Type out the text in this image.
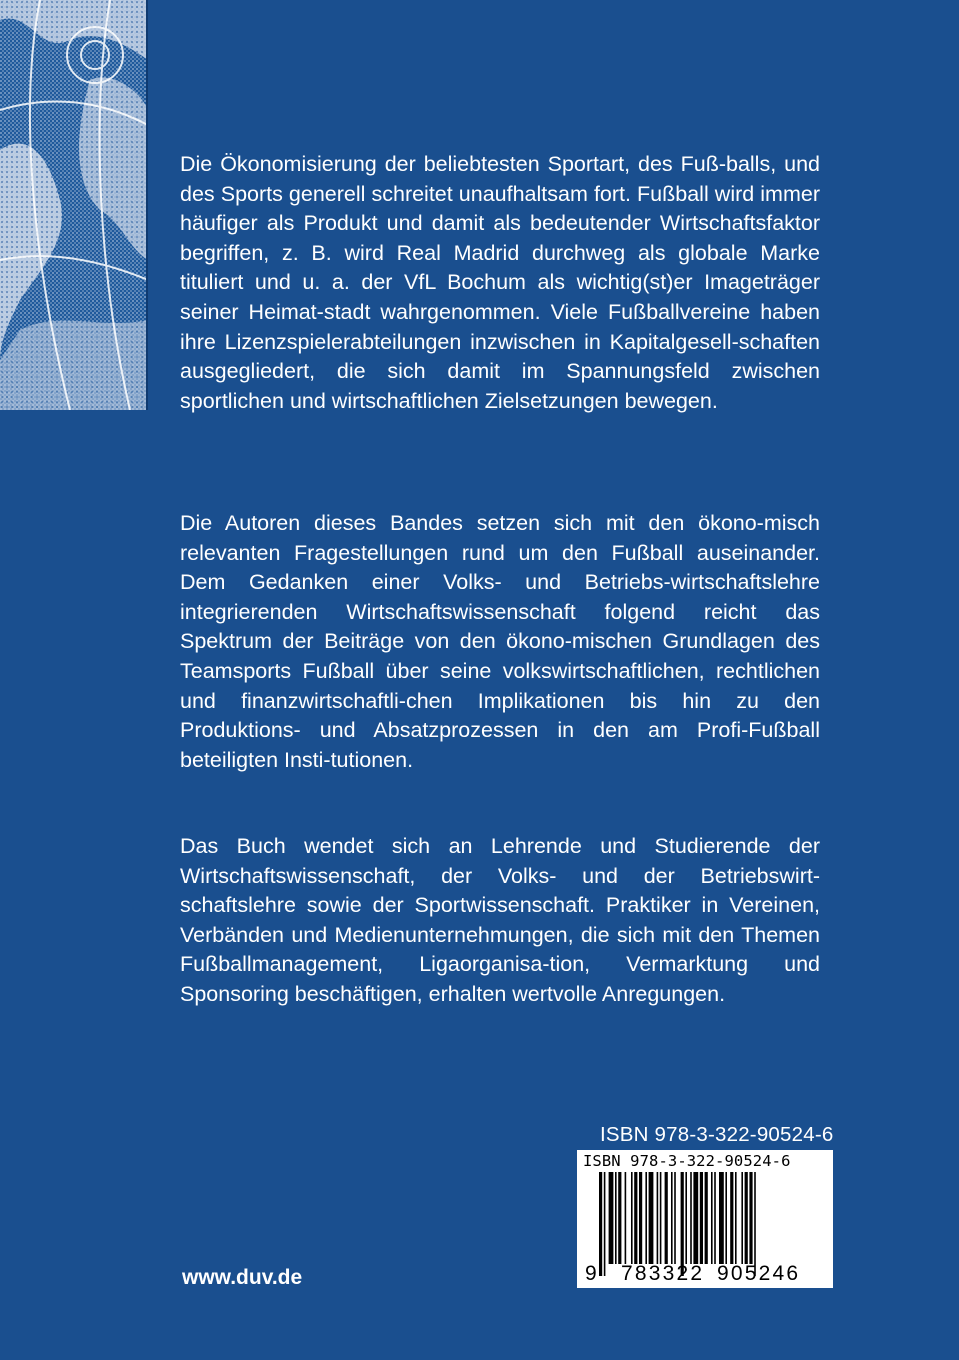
Die Ökonomisierung der beliebtesten Sportart, des Fuß-balls, und des Sports generell schreitet unaufhaltsam fort. Fußball wird immer häufiger als Produkt und damit als bedeutender Wirtschaftsfaktor begriffen, z. B. wird Real Madrid durchweg als globale Marke tituliert und u. a. der VfL Bochum als wichtig(st)er Imageträger seiner Heimat-stadt wahrgenommen. Viele Fußballvereine haben ihre Lizenzspielerabteilungen inzwischen in Kapitalgesell-schaften ausgegliedert, die sich damit im Spannungsfeld zwischen sportlichen und wirtschaftlichen Zielsetzungen bewegen.
Die Autoren dieses Bandes setzen sich mit den ökono-misch relevanten Fragestellungen rund um den Fußball auseinander. Dem Gedanken einer Volks- und Betriebs-wirtschaftslehre integrierenden Wirtschaftswissenschaft folgend reicht das Spektrum der Beiträge von den ökono-mischen Grundlagen des Teamsports Fußball über seine volkswirtschaftlichen, rechtlichen und finanzwirtschaftli-chen Implikationen bis hin zu den Produktions- und Absatzprozessen in den am Profi-Fußball beteiligten Insti-tutionen.
Das Buch wendet sich an Lehrende und Studierende der Wirtschaftswissenschaft, der Volks- und der Betriebswirt-schaftslehre sowie der Sportwissenschaft. Praktiker in Vereinen, Verbänden und Medienunternehmungen, die sich mit den Themen Fußballmanagement, Ligaorganisa-tion, Vermarktung und Sponsoring beschäftigen, erhalten wertvolle Anregungen.
ISBN 978-3-322-90524-6
ISBN 978-3-322-90524-6
9 783322 905246
www.duv.de
